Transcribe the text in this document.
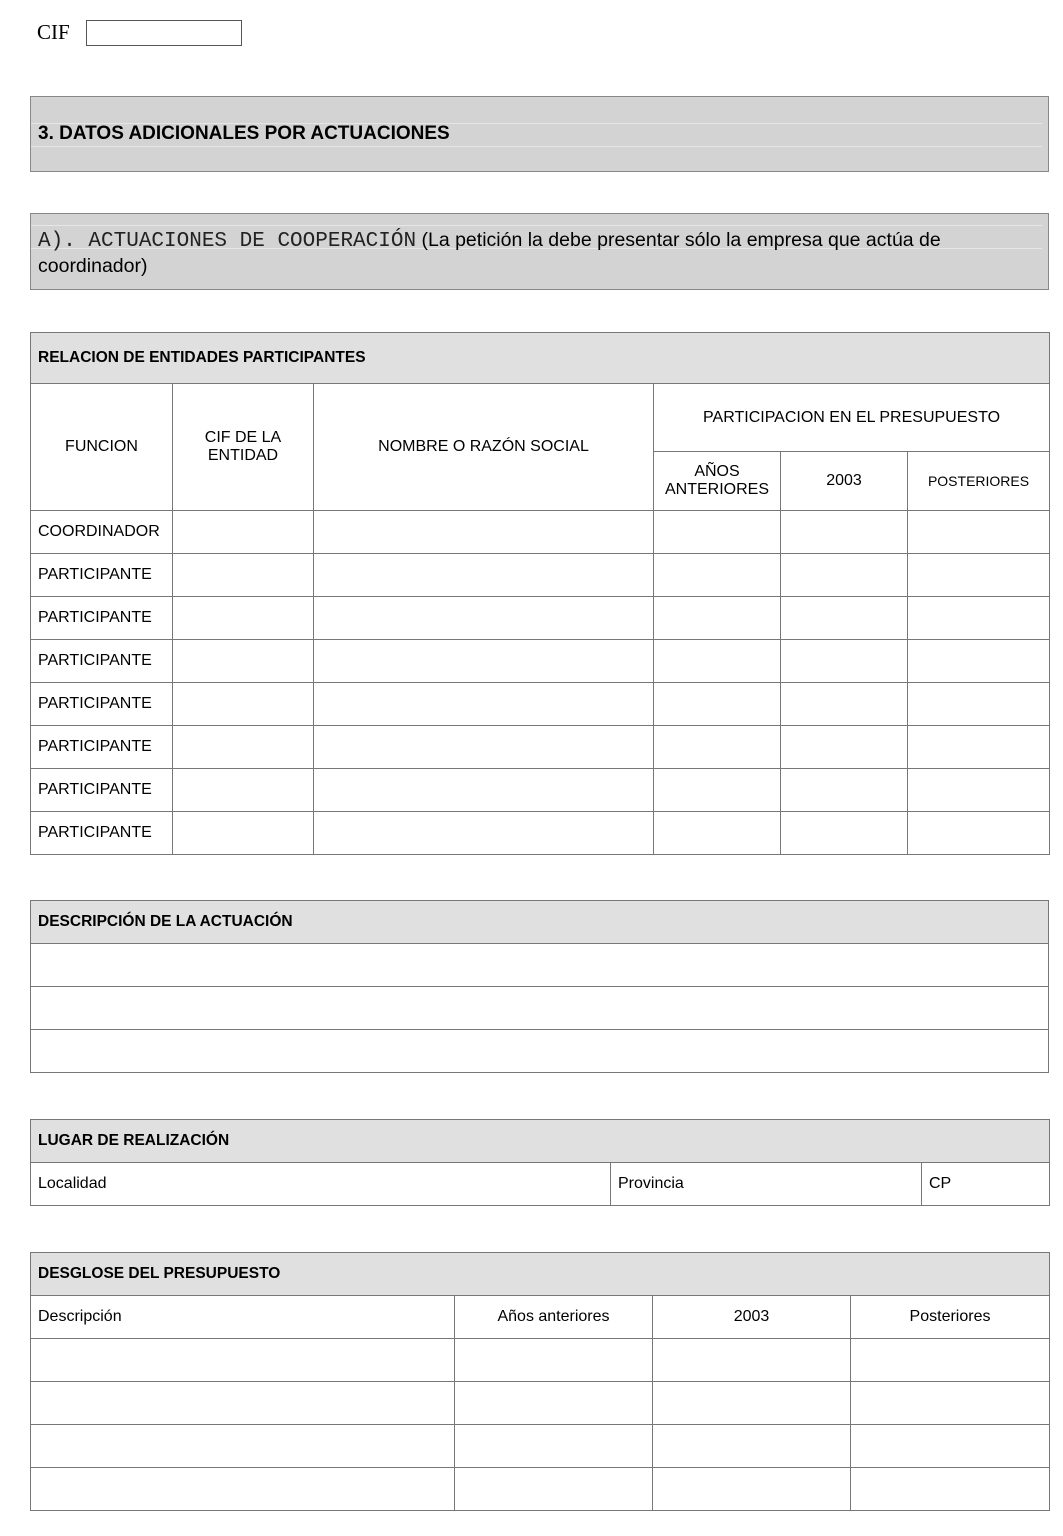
CIF
3. DATOS ADICIONALES POR ACTUACIONES
A). ACTUACIONES DE COOPERACIÓN (La petición la debe presentar sólo la empresa que actúa de coordinador)
RELACION DE ENTIDADES PARTICIPANTES					
FUNCION	CIF DE LA ENTIDAD	NOMBRE O RAZÓN SOCIAL	PARTICIPACION EN EL PRESUPUESTO		
			AÑOS ANTERIORES	2003	POSTERIORES
COORDINADOR					
PARTICIPANTE					
PARTICIPANTE					
PARTICIPANTE					
PARTICIPANTE					
PARTICIPANTE					
PARTICIPANTE					
PARTICIPANTE					
DESCRIPCIÓN DE LA ACTUACIÓN

LUGAR DE REALIZACIÓN
Localidad	Provincia	CP
DESGLOSE DEL PRESUPUESTO			
Descripción	Años anteriores	2003	Posteriores
